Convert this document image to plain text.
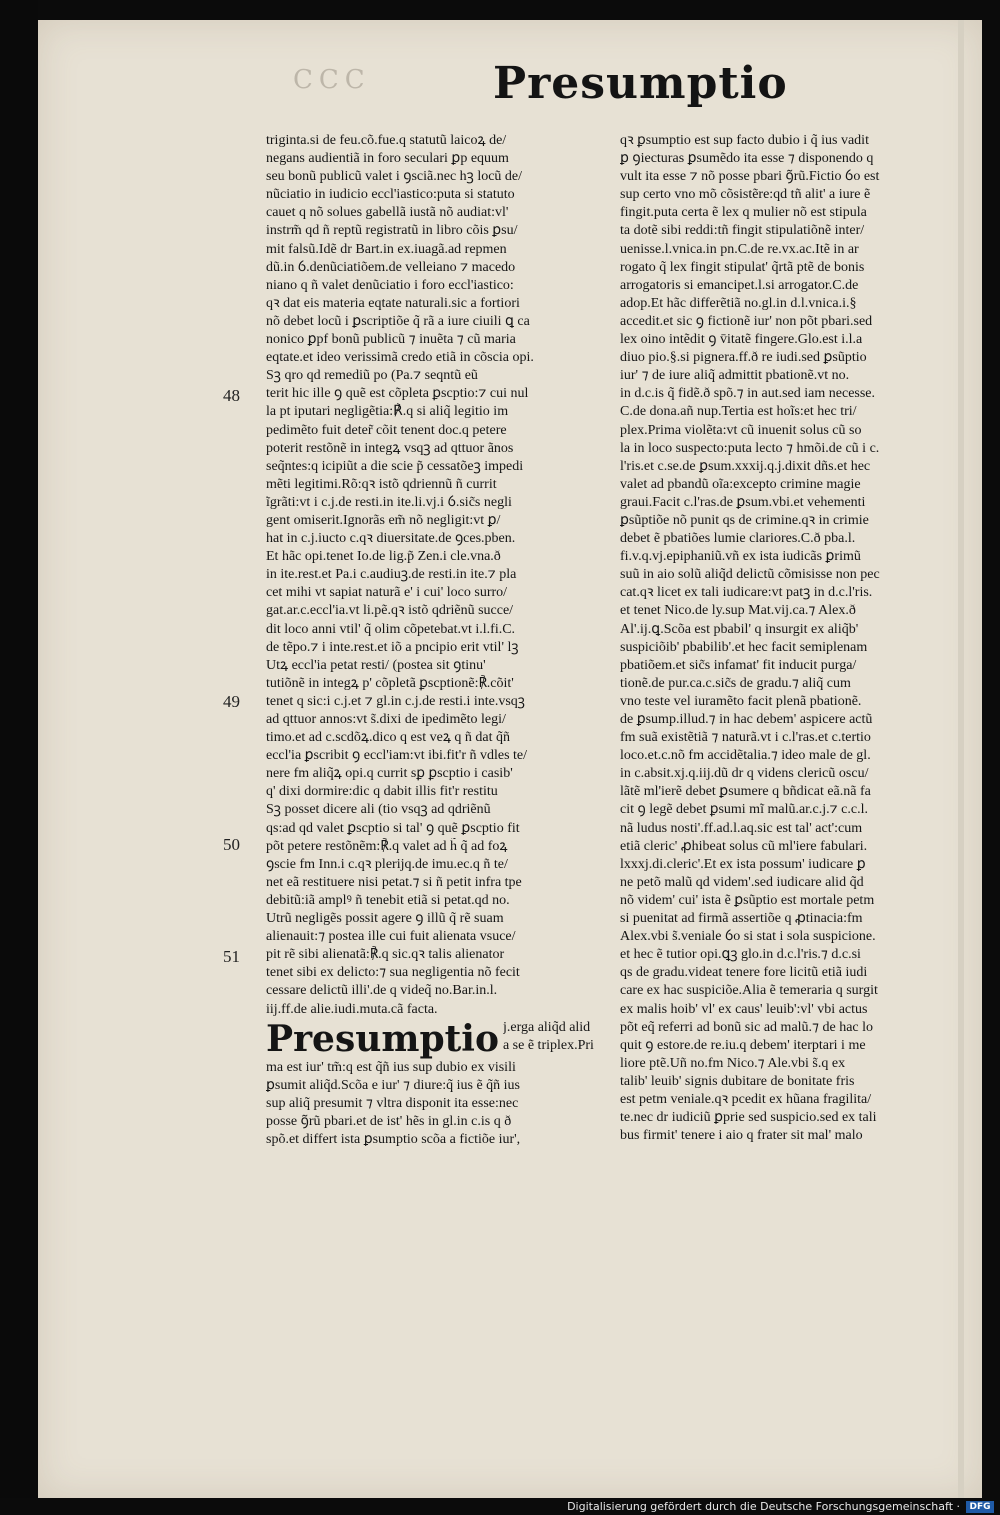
CCC	Presumptio
48
49
50
51
triginta.si de feu.cõ.fue.q statutũ laicoꝝ de/
negans audientiã in foro seculari ꝑp equum
seu bonũ publicũ valet i ꝯsciã.nec hꝫ locũ de/
nũciatio in iudicio eccl'iastico:puta si statuto
cauet q nõ solues gabellã iustã nõ audiat:vl'
instrm̃ qd ñ reptũ registratũ in libro cõis ꝑsu/
mit falsũ.Idẽ dr Bart.in ex.iuagã.ad repmen
dũ.in ỽ.denũciatiõem.de velleiano ⁊ macedo
niano q ñ valet denũciatio i foro eccl'iastico:
qꝛ dat eis materia eqtate naturali.sic a fortiori
nõ debet locũ i ꝑscriptiõe q̃ rã a iure ciuili ꝗ ca
nonico ꝑpf bonũ publicũ ⁊ inuẽta ⁊ cũ maria
eqtate.et ideo verissimã credo etiã in cõscia opi.
Sꝫ qro qd remediũ po (Pa.⁊ seqntũ eũ
terit hic ille ꝯ quẽ est cõpleta ꝑscptio:⁊ cui nul
la pt iputari negligẽtia:℟.q si aliq̃ legitio im
pedimẽto fuit deter̃ cõit tenent doc.q petere
poterit restõnẽ in integꝝ vsqꝫ ad qttuor ãnos
seq̃ntes:q icipiũt a die scie p̃ cessatõeꝫ impedi
mẽti legitimi.Rõ:qꝛ istõ qdriennũ ñ currit
ĩgrãti:vt i c.j.de resti.in ite.li.vj.i ỽ.sic̃s negli
gent omiserit.Ignorãs em̃ nõ negligit:vt ꝑ/
hat in c.j.iucto c.qꝛ diuersitate.de ꝯces.pben.
Et hãc opi.tenet Io.de lig.p̃ Zen.i cle.vna.ð
in ite.rest.et Pa.i c.audiuꝫ.de resti.in ite.⁊ pla
cet mihi vt sapiat naturã e' i cui' loco surro/
gat.ar.c.eccl'ia.vt li.pẽ.qꝛ istõ qdriẽnũ succe/
dit loco anni vtil' q̃ olim cõpetebat.vt i.l.fi.C.
de tẽpo.⁊ i inte.rest.et iõ a pncipio erit vtil' lꝫ
Utꝝ eccl'ia petat resti/ (postea sit ꝯtinu'
tutiõnẽ in integꝝ p' cõpletã ꝑscptionẽ:℟.cõit'
tenet q sic:i c.j.et ⁊ gl.in c.j.de resti.i inte.vsqꝫ
ad qttuor annos:vt s̃.dixi de ipedimẽto legi/
timo.et ad c.scdõꝝ.dico q est veꝝ q ñ dat q̃ñ
eccl'ia ꝑscribit ꝯ eccl'iam:vt ibi.fit'r ñ vdles te/
nere fm aliq̃ꝝ opi.q currit sꝑ ꝑscptio i casib'
q' dixi dormire:dic q dabit illis fit'r restitu
Sꝫ posset dicere ali (tio vsqꝫ ad qdriẽnũ
qs:ad qd valet ꝑscptio si tal' ꝯ quẽ ꝑscptio fit
põt petere restõnẽm:℟.q valet ad h̃ q̃ ad foꝝ
ꝯscie fm Inn.i c.qꝛ plerijq.de imu.ec.q ñ te/
net eã restituere nisi petat.⁊ si ñ petit infra tpe
debitũ:iã amplꝰ ñ tenebit etiã si petat.qd no.
Utrũ negligẽs possit agere ꝯ illũ q̃ rẽ suam
alienauit:⁊ postea ille cui fuit alienata vsuce/
pit rẽ sibi alienatã:℟.q sic.qꝛ talis alienator
tenet sibi ex delicto:⁊ sua negligentia nõ fecit
cessare delictũ illi'.de q videq̃ no.Bar.in.l.
iij.ff.de alie.iudi.muta.cã facta.
Presumptio j.erga aliq̃d alid
a se ẽ triplex.Pri
ma est iur' tm̃:q est q̃ñ ius sup dubio ex visili
ꝑsumit aliq̃d.Scõa e iur' ⁊ diure:q̃ ius ẽ q̃ñ ius
sup aliq̃ presumit ⁊ vltra disponit ita esse:nec
posse ꝯ̃rũ pbari.et de ist' hẽs in gl.in c.is q ð
spõ.et differt ista ꝑsumptio scõa a fictiõe iur',
qꝛ ꝑsumptio est sup facto dubio i q̃ ius vadit
ꝑ ꝯiecturas ꝑsumẽdo ita esse ⁊ disponendo q
vult ita esse ⁊ nõ posse pbari ꝯ̃rũ.Fictio ỽo est
sup certo vno mõ cõsistẽre:qd tñ alit' a iure ẽ
fingit.puta certa ẽ lex q mulier nõ est stipula
ta dotẽ sibi reddi:tñ fingit stipulatiõnẽ inter/
uenisse.l.vnica.in pn.C.de re.vx.ac.Itẽ in ar
rogato q̃ lex fingit stipulat' q̃rtã ptẽ de bonis
arrogatoris si emancipet.l.si arrogator.C.de
adop.Et hãc differẽtiã no.gl.in d.l.vnica.i.§
accedit.et sic ꝯ fictionẽ iur' non põt pbari.sed
lex oino intẽdit ꝯ v̄itatẽ fingere.Glo.est i.l.a
diuo pio.§.si pignera.ff.ð re iudi.sed ꝑsũptio
iur' ⁊ de iure aliq̃ admittit pbationẽ.vt no.
in d.c.is q̃ fidẽ.ð spõ.⁊ in aut.sed iam necesse.
C.de dona.añ nup.Tertia est hoĩs:et hec tri/
plex.Prima violẽta:vt cũ inuenit solus cũ so
la in loco suspecto:puta lecto ⁊ hmõi.de cũ i c.
l'ris.et c.se.de ꝑsum.xxxij.q.j.dixit dñs.et hec
valet ad pbandũ oĩa:excepto crimine magie
graui.Facit c.l'ras.de ꝑsum.vbi.et vehementi
ꝑsũptiõe nõ punit qs de crimine.qꝛ in crimie
debet ẽ pbatiões lumie clariores.C.ð pba.l.
fi.v.q.vj.epiphaniũ.vñ ex ista iudicãs ꝑrimũ
suũ in aio solũ aliq̃d delictũ cõmisisse non pec
cat.qꝛ licet ex tali iudicare:vt patꝫ in d.c.l'ris.
et tenet Nico.de ly.sup Mat.vij.ca.⁊ Alex.ð
Al'.ij.ꝗ.Scõa est pbabil' q insurgit ex aliq̃b'
suspiciõib' pbabilib'.et hec facit semiplenam
pbatiõem.et sic̃s infamat' fit inducit purga/
tionẽ.de pur.ca.c.sic̃s de gradu.⁊ aliq̃ cum
vno teste vel iuramẽto facit plenã pbationẽ.
de ꝑsump.illud.⁊ in hac debem' aspicere actũ
fm suã existẽtiã ⁊ naturã.vt i c.l'ras.et c.tertio
loco.et.c.nõ fm accidẽtalia.⁊ ideo male de gl.
in c.absit.xj.q.iij.dũ dr q videns clericũ oscu/
lãtẽ ml'ierẽ debet ꝑsumere q bñdicat eã.nã fa
cit ꝯ legẽ debet ꝑsumi mĩ malũ.ar.c.j.⁊ c.c.l.
nã ludus nosti'.ff.ad.l.aq.sic est tal' act':cum
etiã cleric' ꝓhibeat solus cũ ml'iere fabulari.
lxxxj.di.cleric'.Et ex ista possum' iudicare ꝑ
ne petõ malũ qd videm'.sed iudicare alid q̃d
nõ videm' cui' ista ẽ ꝑsũptio est mortale petm
si puenitat ad firmã assertiõe q ꝓtinacia:fm
Alex.vbi s̃.veniale ỽo si stat i sola suspicione.
et hec ẽ tutior opi.ꝗꝫ glo.in d.c.l'ris.⁊ d.c.si
qs de gradu.videat tenere fore licitũ etiã iudi
care ex hac suspiciõe.Alia ẽ temeraria q surgit
ex malis hoib' vl' ex caus' leuib':vl' vbi actus
põt eq̃ referri ad bonũ sic ad malũ.⁊ de hac lo
quit ꝯ estore.de re.iu.q debem' iterptari i me
liore ptẽ.Uñ no.fm Nico.⁊ Ale.vbi s̃.q ex
talib' leuib' signis dubitare de bonitate fris
est petm veniale.qꝛ pcedit ex hũana fragilita/
te.nec dr iudiciũ ꝑprie sed suspicio.sed ex tali
bus firmit' tenere i aio q frater sit mal' malo
Digitalisierung gefördert durch die Deutsche Forschungsgemeinschaft ·	DFG
